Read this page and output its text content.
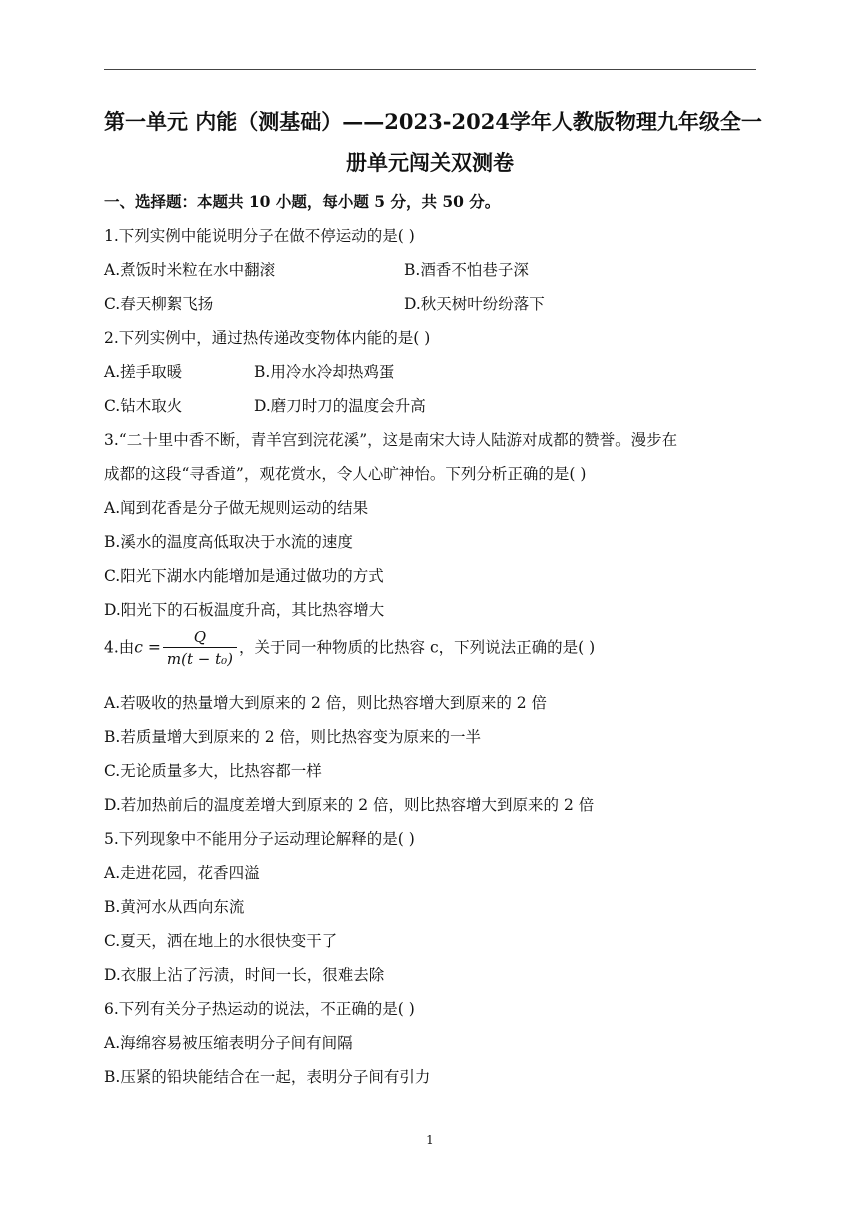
第一单元 内能（测基础）——2023-2024学年人教版物理九年级全一
册单元闯关双测卷
一、选择题：本题共 10 小题，每小题 5 分，共 50 分。
1.下列实例中能说明分子在做不停运动的是( )
A.煮饭时米粒在水中翻滚	B.酒香不怕巷子深
C.春天柳絮飞扬	D.秋天树叶纷纷落下
2.下列实例中，通过热传递改变物体内能的是( )
A.搓手取暖	B.用冷水冷却热鸡蛋
C.钻木取火	D.磨刀时刀的温度会升高
3.“二十里中香不断，青羊宫到浣花溪”，这是南宋大诗人陆游对成都的赞誉。漫步在
成都的这段“寻香道”，观花赏水，令人心旷神怡。下列分析正确的是( )
A.闻到花香是分子做无规则运动的结果
B.溪水的温度高低取决于水流的速度
C.阳光下湖水内能增加是通过做功的方式
D.阳光下的石板温度升高，其比热容增大
4.由$c = \frac{Q}{\text{m(t − t₀)}}$ ，关于同一种物质的比热容 c，下列说法正确的是( )
A.若吸收的热量增大到原来的 2 倍，则比热容增大到原来的 2 倍
B.若质量增大到原来的 2 倍，则比热容变为原来的一半
C.无论质量多大，比热容都一样
D.若加热前后的温度差增大到原来的 2 倍，则比热容增大到原来的 2 倍
5.下列现象中不能用分子运动理论解释的是( )
A.走进花园，花香四溢
B.黄河水从西向东流
C.夏天，洒在地上的水很快变干了
D.衣服上沾了污渍，时间一长，很难去除
6.下列有关分子热运动的说法，不正确的是( )
A.海绵容易被压缩表明分子间有间隔
B.压紧的铅块能结合在一起，表明分子间有引力
1
